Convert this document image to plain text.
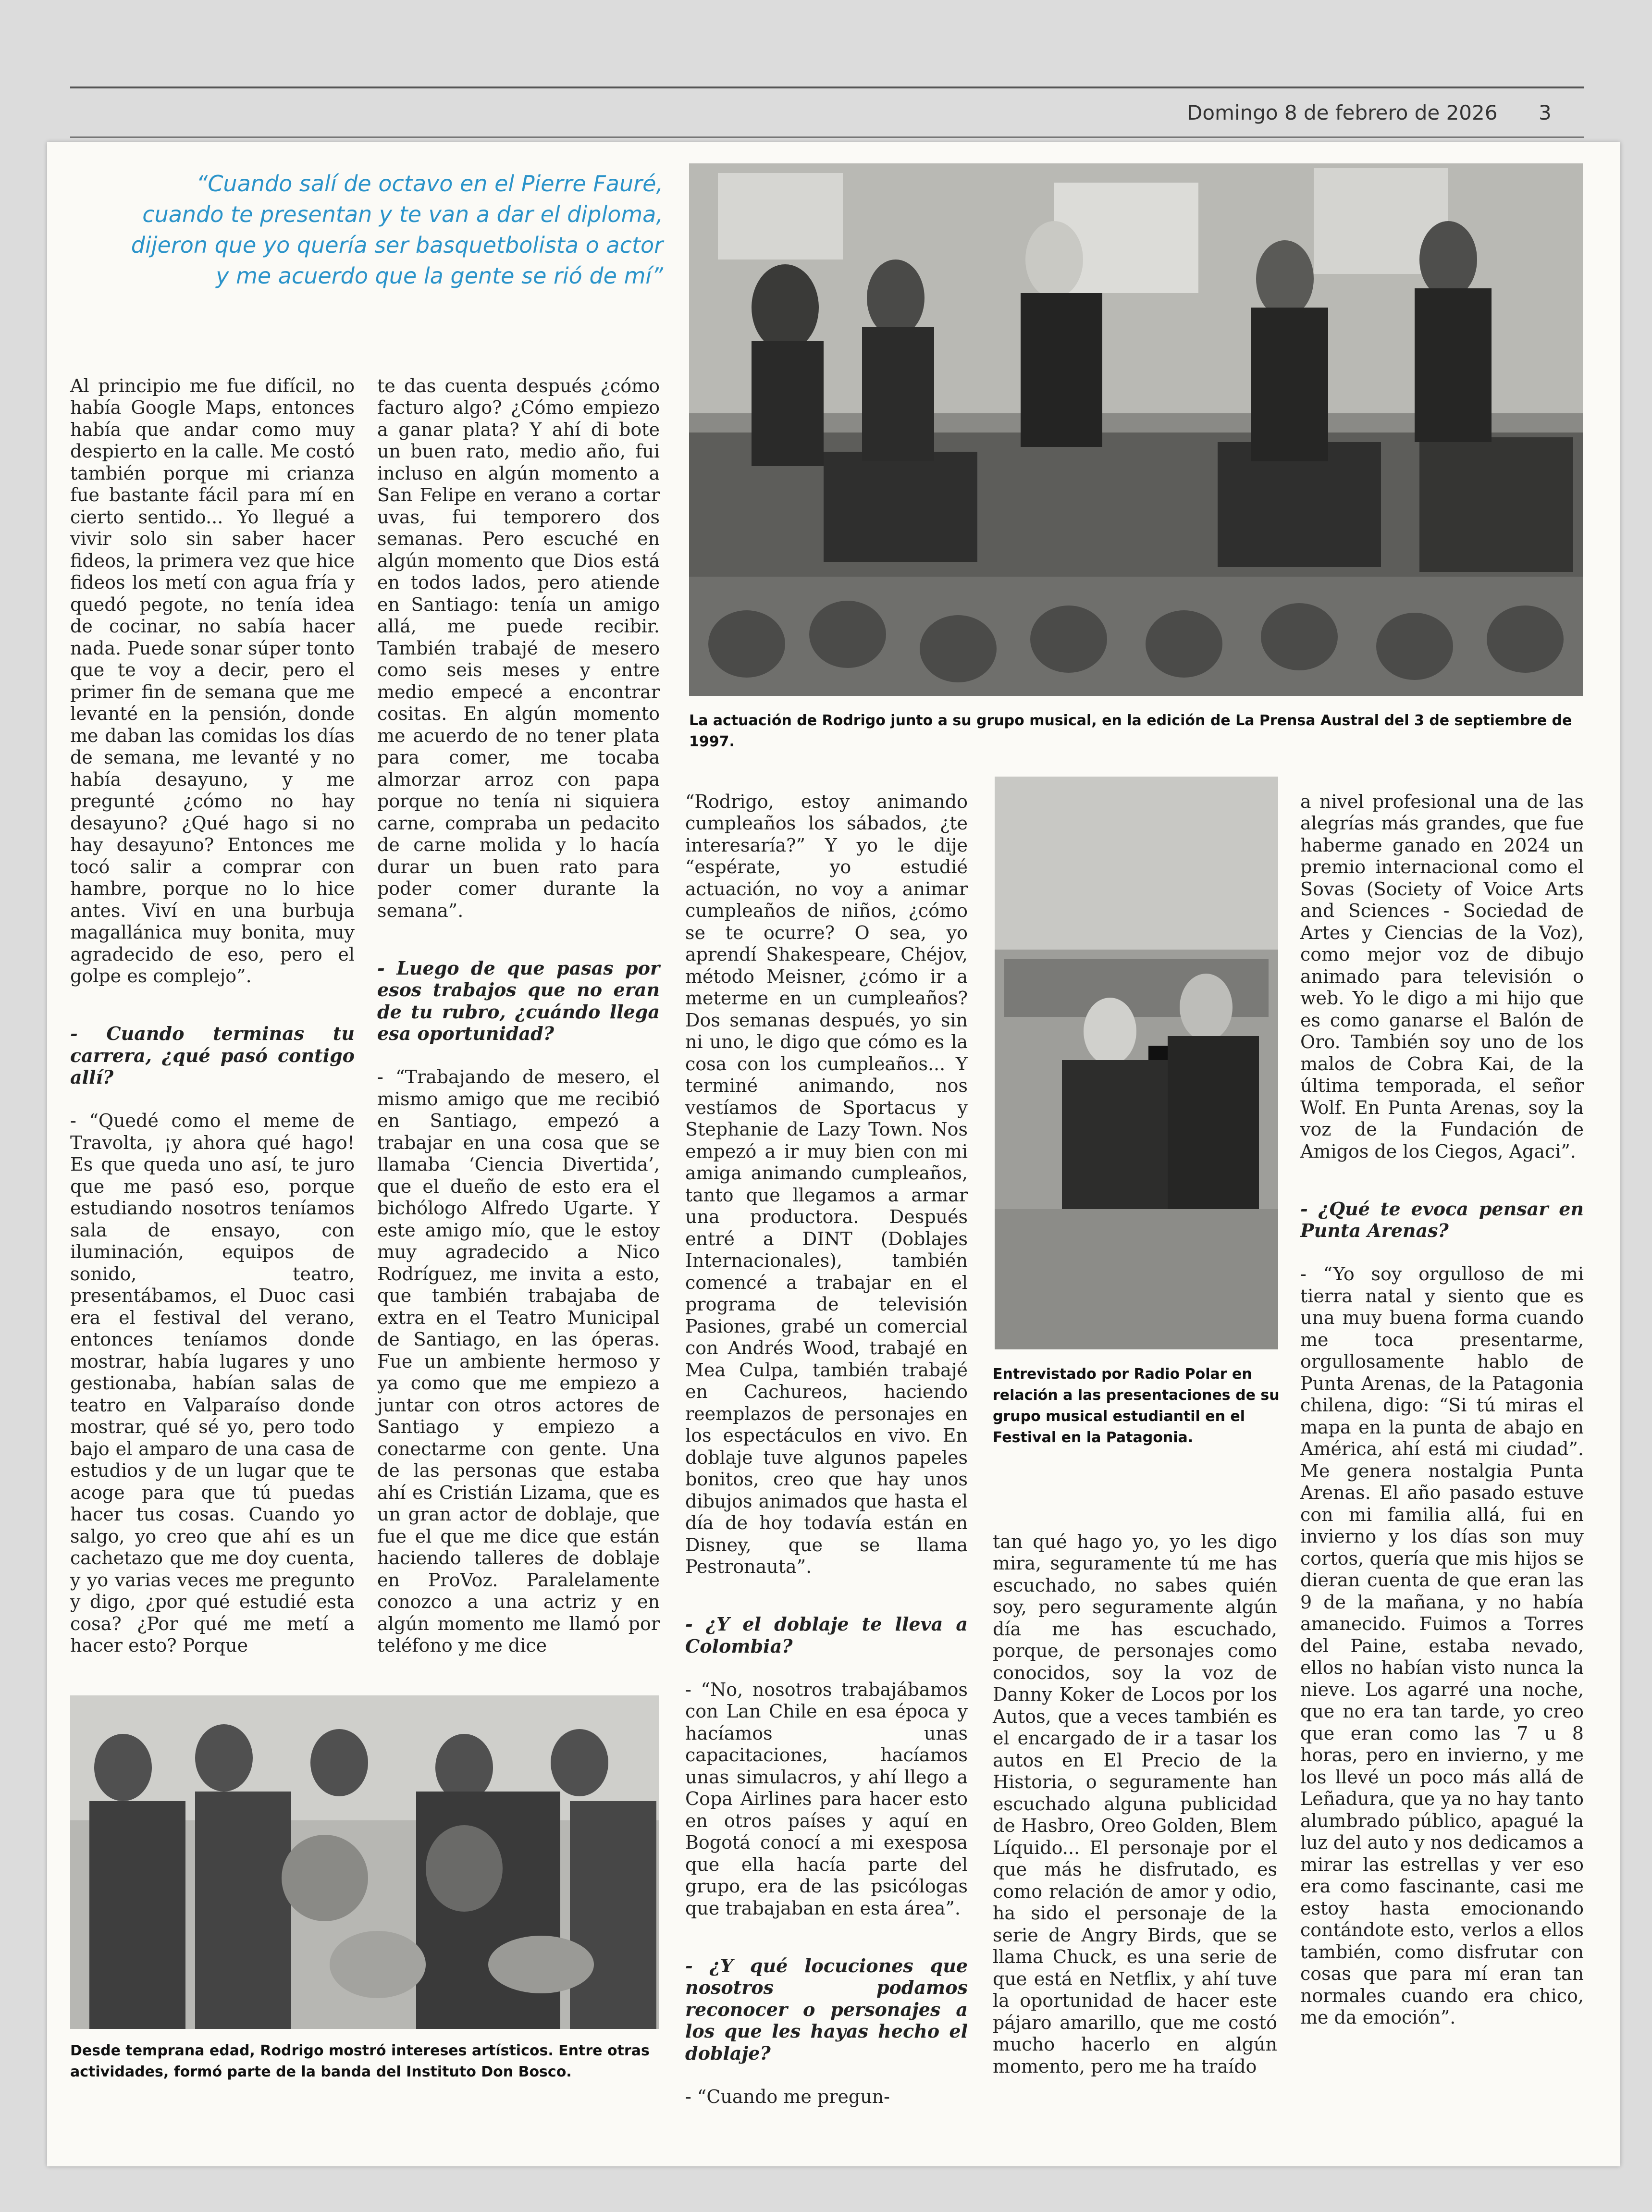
Domingo 8 de febrero de 2026 3
“Cuando salí de octavo en el Pierre Fauré,
cuando te presentan y te van a dar el diploma,
dijeron que yo quería ser basquetbolista o actor
y me acuerdo que la gente se rió de mí”
La actuación de Rodrigo junto a su grupo musical, en la edición de La Prensa Austral del 3 de septiembre de 1997.

Al principio me fue difícil, no había Google Maps, entonces había que andar como muy despierto en la calle. Me costó también porque mi crianza fue bastante fácil para mí en cierto sentido... Yo llegué a vivir solo sin saber hacer fideos, la primera vez que hice fideos los metí con agua fría y quedó pegote, no tenía idea de cocinar, no sabía hacer nada. Puede sonar súper tonto que te voy a decir, pero el primer fin de semana que me levanté en la pensión, donde me daban las comidas los días de semana, me levanté y no había desayuno, y me pregunté ¿cómo no hay desayuno? ¿Qué hago si no hay desayuno? Entonces me tocó salir a comprar con hambre, porque no lo hice antes. Viví en una burbuja magallánica muy bonita, muy agradecido de eso, pero el golpe es complejo”.

- Cuando terminas tu carrera, ¿qué pasó contigo allí?

- “Quedé como el meme de Travolta, ¡y ahora qué hago! Es que queda uno así, te juro que me pasó eso, porque estudiando nosotros teníamos sala de ensayo, con iluminación, equipos de sonido, teatro, presentábamos, el Duoc casi era el festival del verano, entonces teníamos donde mostrar, había lugares y uno gestionaba, habían salas de teatro en Valparaíso donde mostrar, qué sé yo, pero todo bajo el amparo de una casa de estudios y de un lugar que te acoge para que tú puedas hacer tus cosas. Cuando yo salgo, yo creo que ahí es un cachetazo que me doy cuenta, y yo varias veces me pregunto y digo, ¿por qué estudié esta cosa? ¿Por qué me metí a hacer esto? Porque

te das cuenta después ¿cómo facturo algo? ¿Cómo empiezo a ganar plata? Y ahí di bote un buen rato, medio año, fui incluso en algún momento a San Felipe en verano a cortar uvas, fui temporero dos semanas. Pero escuché en algún momento que Dios está en todos lados, pero atiende en Santiago: tenía un amigo allá, me puede recibir. También trabajé de mesero como seis meses y entre medio empecé a encontrar cositas. En algún momento me acuerdo de no tener plata para comer, me tocaba almorzar arroz con papa porque no tenía ni siquiera carne, compraba un pedacito de carne molida y lo hacía durar un buen rato para poder comer durante la semana”.

- Luego de que pasas por esos trabajos que no eran de tu rubro, ¿cuándo llega esa oportunidad?

- “Trabajando de mesero, el mismo amigo que me recibió en Santiago, empezó a trabajar en una cosa que se llamaba ‘Ciencia Divertida’, que el dueño de esto era el bichólogo Alfredo Ugarte. Y este amigo mío, que le estoy muy agradecido a Nico Rodríguez, me invita a esto, que también trabajaba de extra en el Teatro Municipal de Santiago, en las óperas. Fue un ambiente hermoso y ya como que me empiezo a juntar con otros actores de Santiago y empiezo a conectarme con gente. Una de las personas que estaba ahí es Cristián Lizama, que es un gran actor de doblaje, que fue el que me dice que están haciendo talleres de doblaje en ProVoz. Paralelamente conozco a una actriz y en algún momento me llamó por teléfono y me dice

Desde temprana edad, Rodrigo mostró intereses artísticos. Entre otras actividades, formó parte de la banda del Instituto Don Bosco.

“Rodrigo, estoy animando cumpleaños los sábados, ¿te interesaría?” Y yo le dije “espérate, yo estudié actuación, no voy a animar cumpleaños de niños, ¿cómo se te ocurre? O sea, yo aprendí Shakespeare, Chéjov, método Meisner, ¿cómo ir a meterme en un cumpleaños? Dos semanas después, yo sin ni uno, le digo que cómo es la cosa con los cumpleaños... Y terminé animando, nos vestíamos de Sportacus y Stephanie de Lazy Town. Nos empezó a ir muy bien con mi amiga animando cumpleaños, tanto que llegamos a armar una productora. Después entré a DINT (Doblajes Internacionales), también comencé a trabajar en el programa de televisión Pasiones, grabé un comercial con Andrés Wood, trabajé en Mea Culpa, también trabajé en Cachureos, haciendo reemplazos de personajes en los espectáculos en vivo. En doblaje tuve algunos papeles bonitos, creo que hay unos dibujos animados que hasta el día de hoy todavía están en Disney, que se llama Pestronauta”.

- ¿Y el doblaje te lleva a Colombia?

- “No, nosotros trabajábamos con Lan Chile en esa época y hacíamos unas capacitaciones, hacíamos unas simulacros, y ahí llego a Copa Airlines para hacer esto en otros países y aquí en Bogotá conocí a mi exesposa que ella hacía parte del grupo, era de las psicólogas que trabajaban en esta área”.

- ¿Y qué locuciones que nosotros podamos reconocer o personajes a los que les hayas hecho el doblaje?

- “Cuando me pregun-

Entrevistado por Radio Polar en relación a las presentaciones de su grupo musical estudiantil en el Festival en la Patagonia.

tan qué hago yo, yo les digo mira, seguramente tú me has escuchado, no sabes quién soy, pero seguramente algún día me has escuchado, porque, de personajes como conocidos, soy la voz de Danny Koker de Locos por los Autos, que a veces también es el encargado de ir a tasar los autos en El Precio de la Historia, o seguramente han escuchado alguna publicidad de Hasbro, Oreo Golden, Blem Líquido... El personaje por el que más he disfrutado, es como relación de amor y odio, ha sido el personaje de la serie de Angry Birds, que se llama Chuck, es una serie de que está en Netflix, y ahí tuve la oportunidad de hacer este pájaro amarillo, que me costó mucho hacerlo en algún momento, pero me ha traído

a nivel profesional una de las alegrías más grandes, que fue haberme ganado en 2024 un premio internacional como el Sovas (Society of Voice Arts and Sciences - Sociedad de Artes y Ciencias de la Voz), como mejor voz de dibujo animado para televisión o web. Yo le digo a mi hijo que es como ganarse el Balón de Oro. También soy uno de los malos de Cobra Kai, de la última temporada, el señor Wolf. En Punta Arenas, soy la voz de la Fundación de Amigos de los Ciegos, Agaci”.

- ¿Qué te evoca pensar en Punta Arenas?

- “Yo soy orgulloso de mi tierra natal y siento que es una muy buena forma cuando me toca presentarme, orgullosamente hablo de Punta Arenas, de la Patagonia chilena, digo: “Si tú miras el mapa en la punta de abajo en América, ahí está mi ciudad”. Me genera nostalgia Punta Arenas. El año pasado estuve con mi familia allá, fui en invierno y los días son muy cortos, quería que mis hijos se dieran cuenta de que eran las 9 de la mañana, y no había amanecido. Fuimos a Torres del Paine, estaba nevado, ellos no habían visto nunca la nieve. Los agarré una noche, que no era tan tarde, yo creo que eran como las 7 u 8 horas, pero en invierno, y me los llevé un poco más allá de Leñadura, que ya no hay tanto alumbrado público, apagué la luz del auto y nos dedicamos a mirar las estrellas y ver eso era como fascinante, casi me estoy hasta emocionando contándote esto, verlos a ellos también, como disfrutar con cosas que para mí eran tan normales cuando era chico, me da emoción”.
